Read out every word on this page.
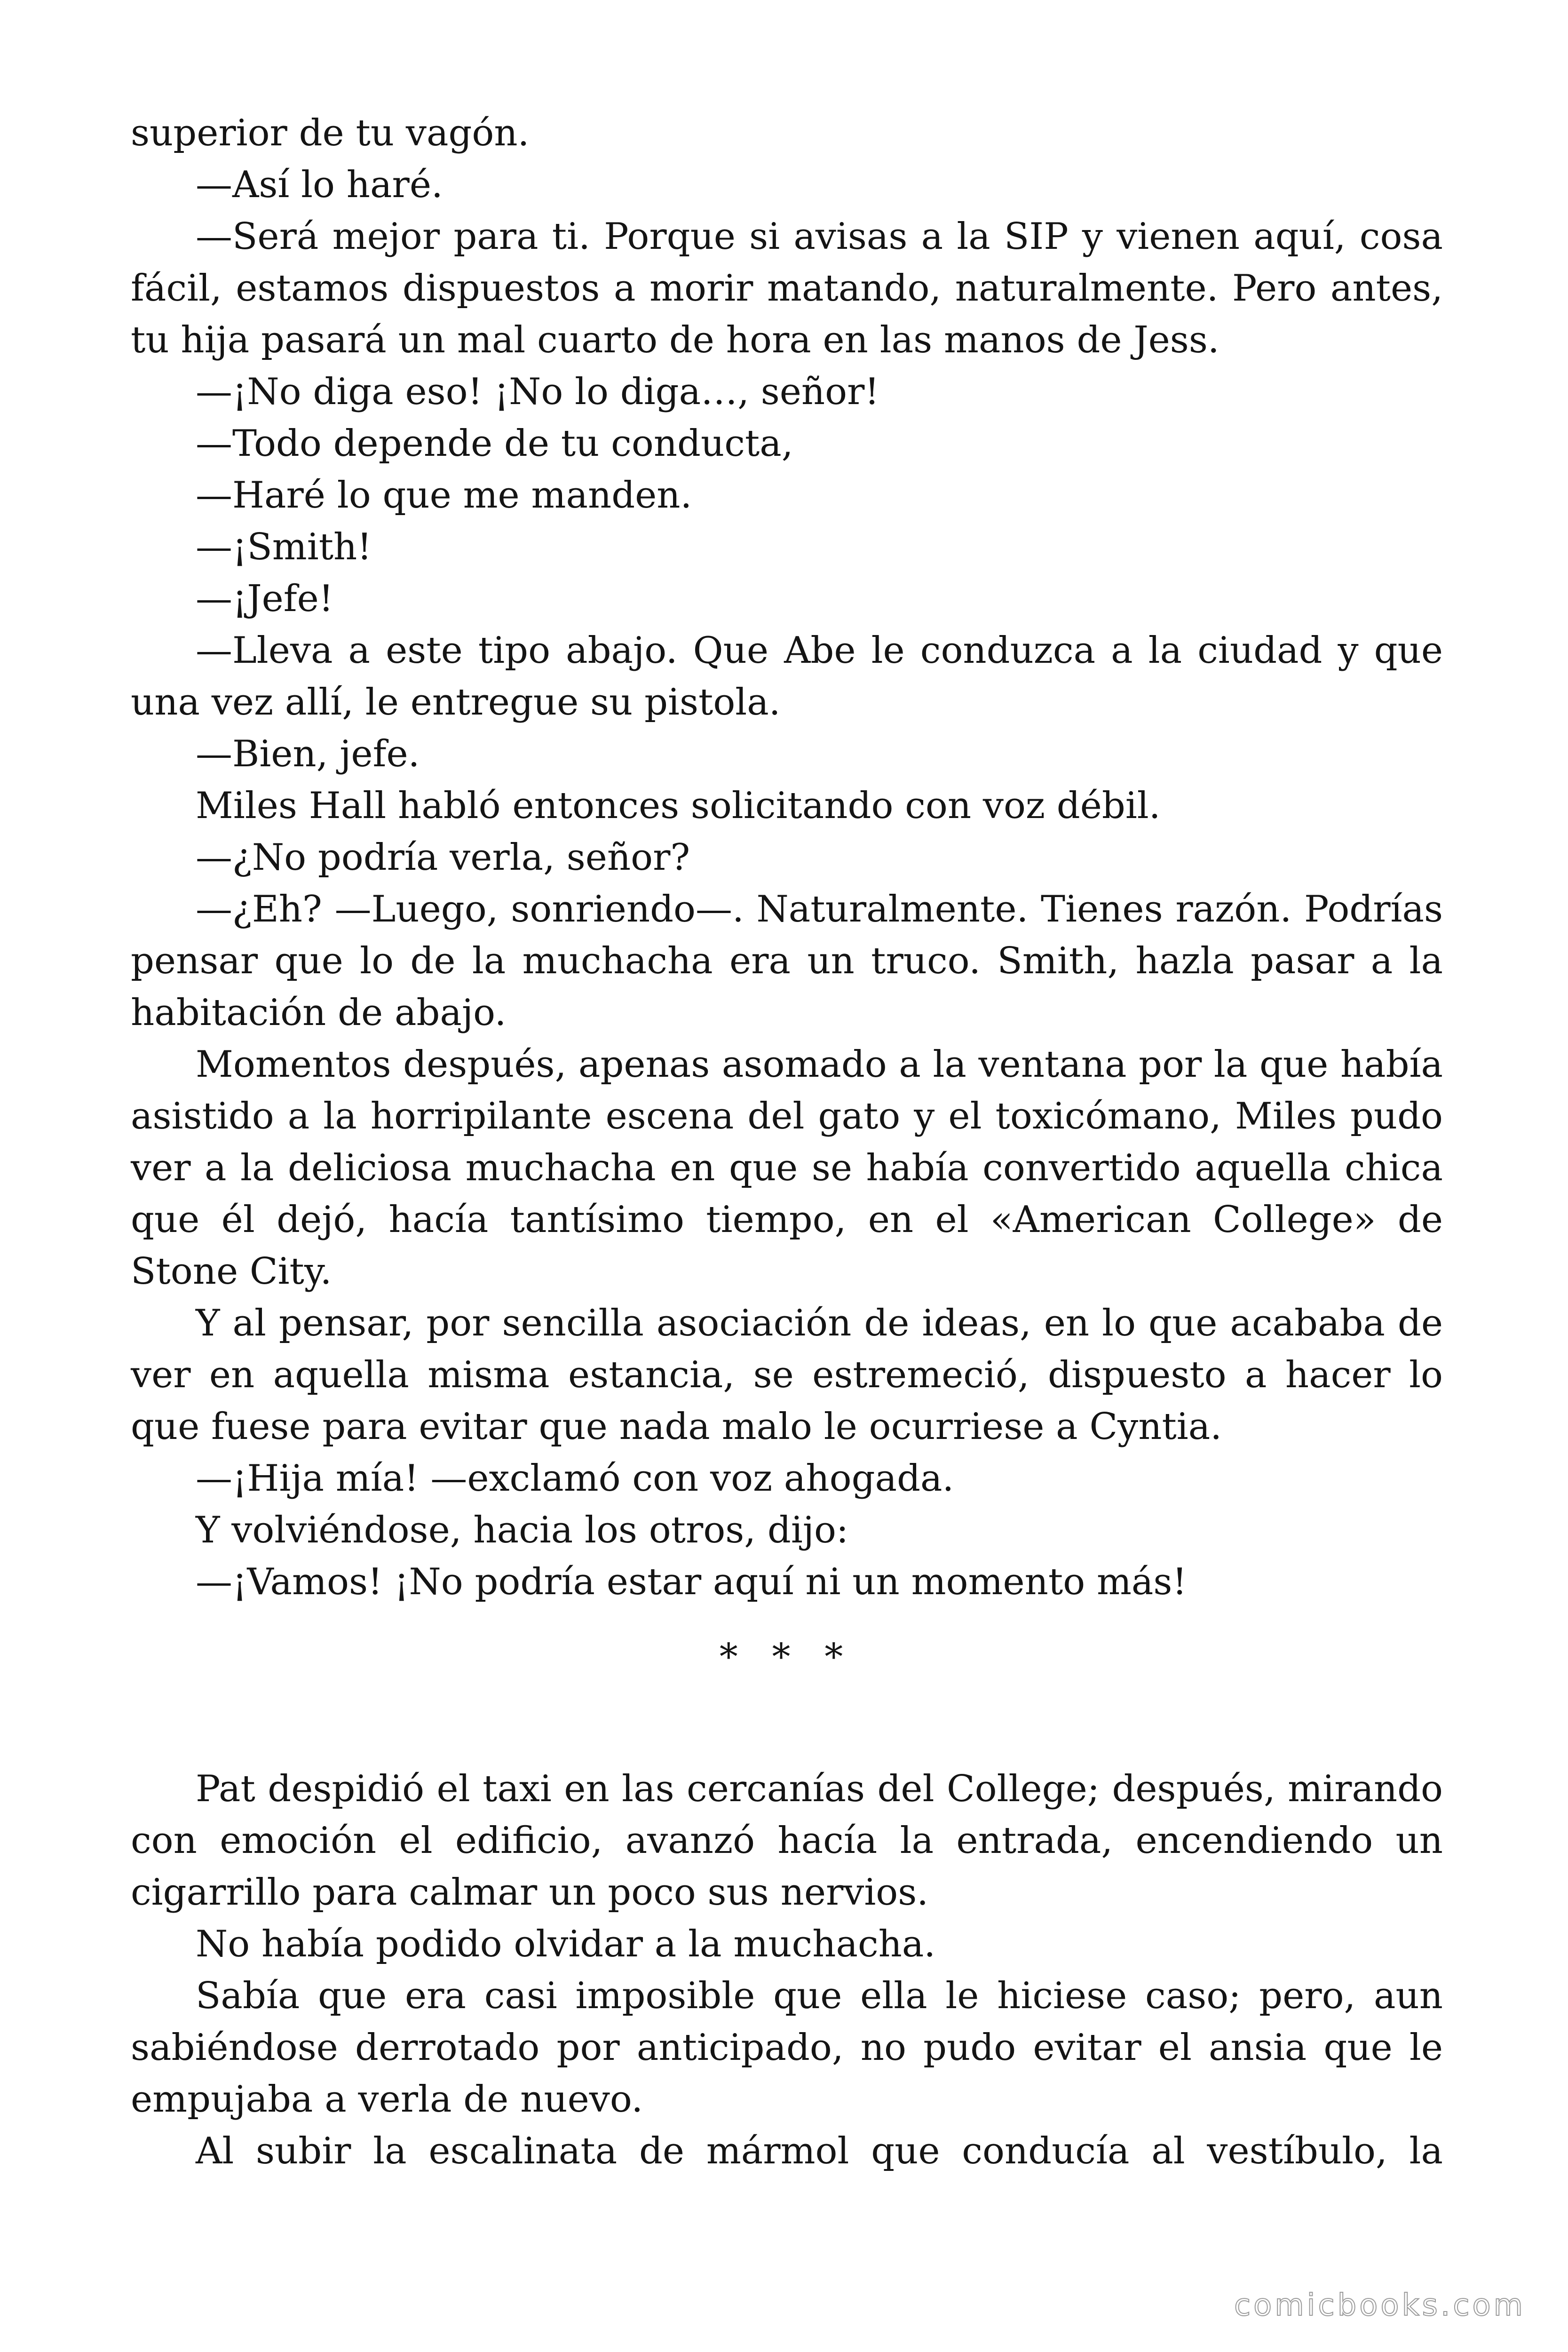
superior de tu vagón.

—Así lo haré.

—Será mejor para ti. Porque si avisas a la SIP y vienen aquí, cosa fácil, estamos dispuestos a morir matando, naturalmente. Pero antes, tu hija pasará un mal cuarto de hora en las manos de Jess.

—¡No diga eso! ¡No lo diga…, señor!

—Todo depende de tu conducta,

—Haré lo que me manden.

—¡Smith!

—¡Jefe!

—Lleva a este tipo abajo. Que Abe le conduzca a la ciudad y que una vez allí, le entregue su pistola.

—Bien, jefe.

Miles Hall habló entonces solicitando con voz débil.

—¿No podría verla, señor?

—¿Eh? —Luego, sonriendo—. Naturalmente. Tienes razón. Podrías pensar que lo de la muchacha era un truco. Smith, hazla pasar a la habitación de abajo.

Momentos después, apenas asomado a la ventana por la que había asistido a la horripilante escena del gato y el toxicómano, Miles pudo ver a la deliciosa muchacha en que se había convertido aquella chica que él dejó, hacía tantísimo tiempo, en el «American College» de Stone City.

Y al pensar, por sencilla asociación de ideas, en lo que acababa de ver en aquella misma estancia, se estremeció, dispuesto a hacer lo que fuese para evitar que nada malo le ocurriese a Cyntia.

—¡Hija mía! —exclamó con voz ahogada.

Y volviéndose, hacia los otros, dijo:

—¡Vamos! ¡No podría estar aquí ni un momento más!

* * *

Pat despidió el taxi en las cercanías del College; después, mirando con emoción el edificio, avanzó hacía la entrada, encendiendo un cigarrillo para calmar un poco sus nervios.

No había podido olvidar a la muchacha.

Sabía que era casi imposible que ella le hiciese caso; pero, aun sabiéndose derrotado por anticipado, no pudo evitar el ansia que le empujaba a verla de nuevo.

Al subir la escalinata de mármol que conducía al vestíbulo, la

comicbooks.com
